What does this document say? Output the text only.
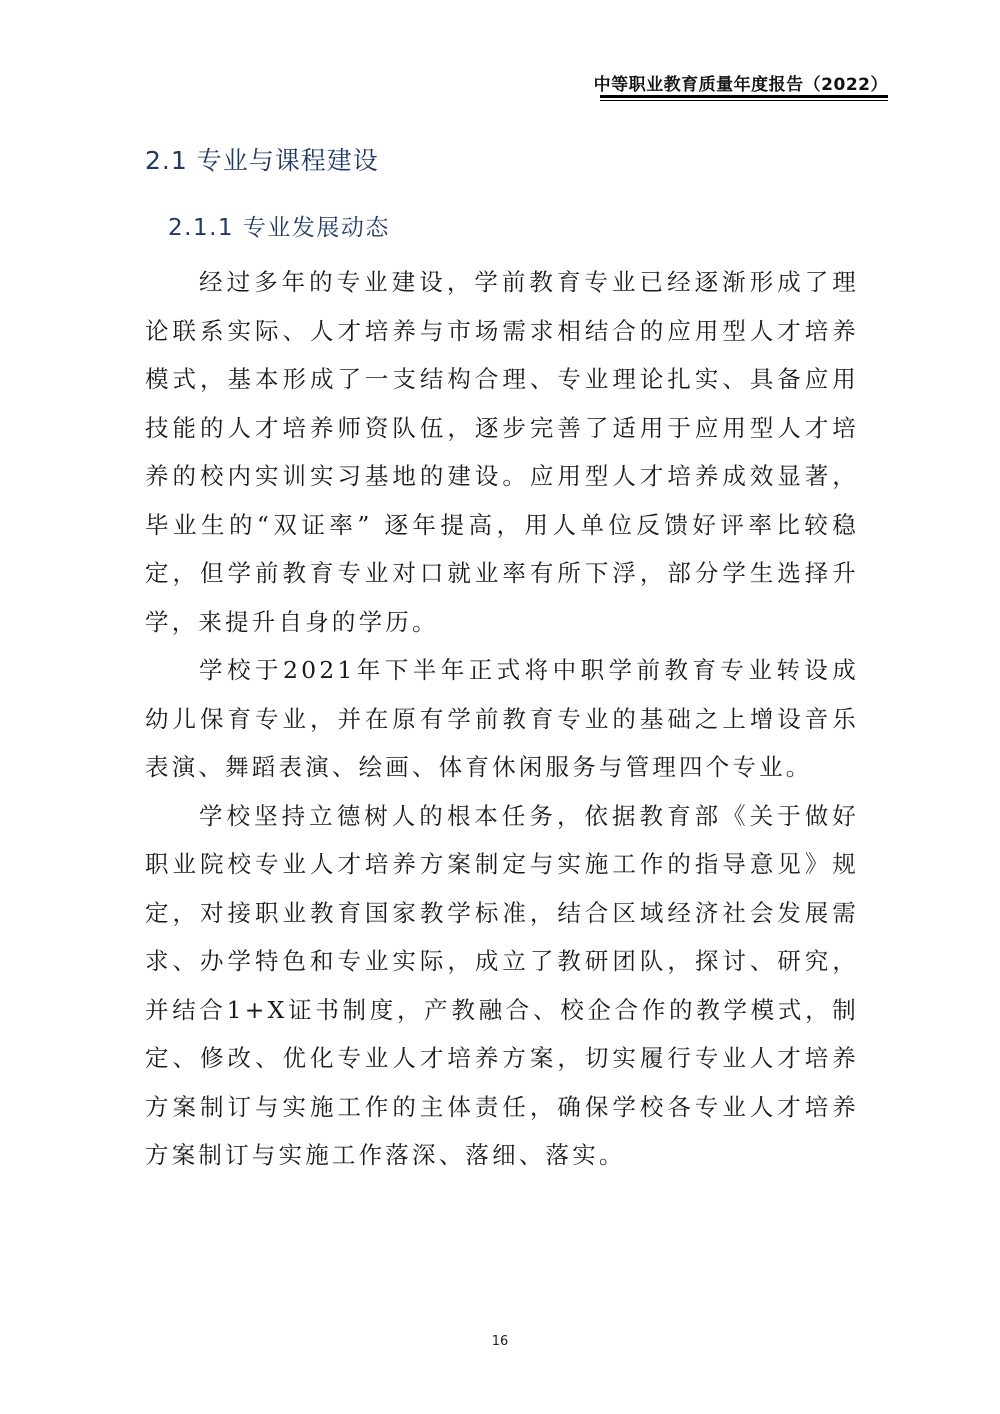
中等职业教育质量年度报告（2022）
2.1 专业与课程建设
2.1.1 专业发展动态

经过多年的专业建设，学前教育专业已经逐渐形成了理论联系实际、人才培养与市场需求相结合的应用型人才培养模式，基本形成了一支结构合理、专业理论扎实、具备应用技能的人才培养师资队伍，逐步完善了适用于应用型人才培养的校内实训实习基地的建设。应用型人才培养成效显著，毕业生的“双证率” 逐年提高，用人单位反馈好评率比较稳定，但学前教育专业对口就业率有所下浮，部分学生选择升学，来提升自身的学历。

学校于2021年下半年正式将中职学前教育专业转设成幼儿保育专业，并在原有学前教育专业的基础之上增设音乐表演、舞蹈表演、绘画、体育休闲服务与管理四个专业。

学校坚持立德树人的根本任务，依据教育部《关于做好职业院校专业人才培养方案制定与实施工作的指导意见》规定，对接职业教育国家教学标准，结合区域经济社会发展需求、办学特色和专业实际，成立了教研团队，探讨、研究，并结合1+X证书制度，产教融合、校企合作的教学模式，制定、修改、优化专业人才培养方案，切实履行专业人才培养方案制订与实施工作的主体责任，确保学校各专业人才培养方案制订与实施工作落深、落细、落实。

16
